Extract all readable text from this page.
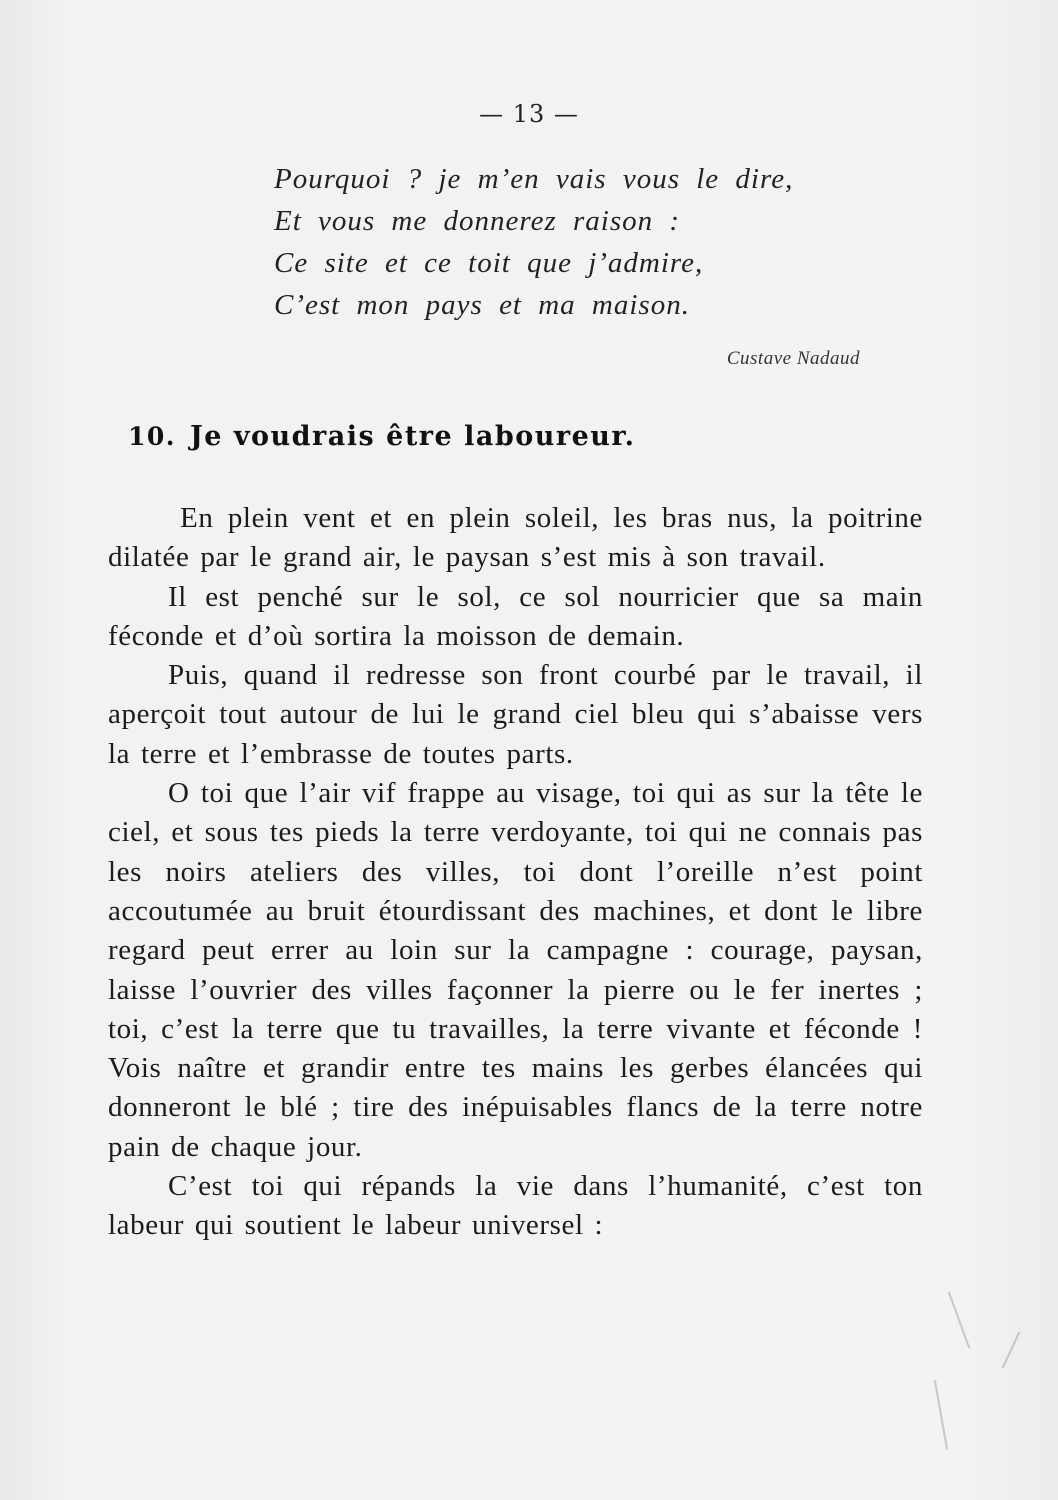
— 13 —
Pourquoi ? je m’en vais vous le dire,
Et vous me donnerez raison :
Ce site et ce toit que j’admire,
C’est mon pays et ma maison.
Custave Nadaud
10. Je voudrais être laboureur.

En plein vent et en plein soleil, les bras nus, la poitrine dilatée par le grand air, le paysan s’est mis à son travail.

Il est penché sur le sol, ce sol nourricier que sa main féconde et d’où sortira la moisson de demain.

Puis, quand il redresse son front courbé par le travail, il aperçoit tout autour de lui le grand ciel bleu qui s’abaisse vers la terre et l’embrasse de toutes parts.

O toi que l’air vif frappe au visage, toi qui as sur la tête le ciel, et sous tes pieds la terre verdoyante, toi qui ne connais pas les noirs ateliers des villes, toi dont l’oreille n’est point accoutumée au bruit étourdissant des machines, et dont le libre regard peut errer au loin sur la campagne : courage, paysan, laisse l’ouvrier des villes façonner la pierre ou le fer inertes ; toi, c’est la terre que tu travailles, la terre vivante et féconde ! Vois naître et grandir entre tes mains les gerbes élancées qui donneront le blé ; tire des inépuisables flancs de la terre notre pain de chaque jour.

C’est toi qui répands la vie dans l’humanité, c’est ton labeur qui soutient le labeur universel :
